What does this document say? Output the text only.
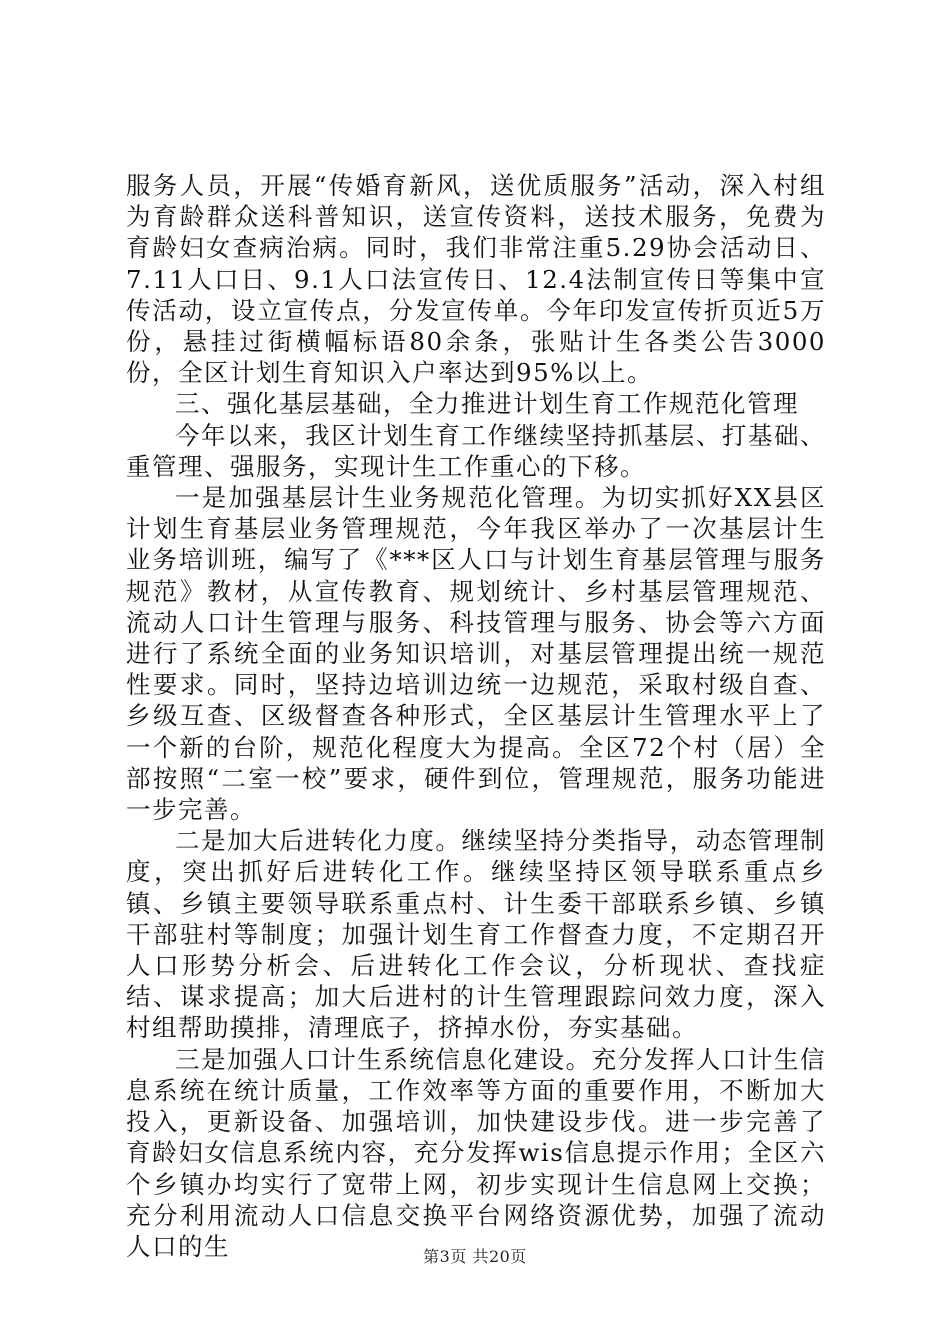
服务人员，开展“传婚育新风，送优质服务”活动，深入村组为育龄群众送科普知识，送宣传资料，送技术服务，免费为育龄妇女查病治病。同时，我们非常注重5.29协会活动日、7.11人口日、9.1人口法宣传日、12.4法制宣传日等集中宣传活动，设立宣传点，分发宣传单。今年印发宣传折页近5万份，悬挂过街横幅标语80余条，张贴计生各类公告3000份，全区计划生育知识入户率达到95%以上。

三、强化基层基础，全力推进计划生育工作规范化管理

今年以来，我区计划生育工作继续坚持抓基层、打基础、重管理、强服务，实现计生工作重心的下移。

一是加强基层计生业务规范化管理。为切实抓好XX县区计划生育基层业务管理规范，今年我区举办了一次基层计生业务培训班，编写了《***区人口与计划生育基层管理与服务规范》教材，从宣传教育、规划统计、乡村基层管理规范、流动人口计生管理与服务、科技管理与服务、协会等六方面进行了系统全面的业务知识培训，对基层管理提出统一规范性要求。同时，坚持边培训边统一边规范，采取村级自查、乡级互查、区级督查各种形式，全区基层计生管理水平上了一个新的台阶，规范化程度大为提高。全区72个村（居）全部按照“二室一校”要求，硬件到位，管理规范，服务功能进一步完善。

二是加大后进转化力度。继续坚持分类指导，动态管理制度，突出抓好后进转化工作。继续坚持区领导联系重点乡镇、乡镇主要领导联系重点村、计生委干部联系乡镇、乡镇干部驻村等制度；加强计划生育工作督查力度，不定期召开人口形势分析会、后进转化工作会议，分析现状、查找症结、谋求提高；加大后进村的计生管理跟踪问效力度，深入村组帮助摸排，清理底子，挤掉水份，夯实基础。

三是加强人口计生系统信息化建设。充分发挥人口计生信息系统在统计质量，工作效率等方面的重要作用，不断加大投入，更新设备、加强培训，加快建设步伐。进一步完善了育龄妇女信息系统内容，充分发挥wis信息提示作用；全区六个乡镇办均实行了宽带上网，初步实现计生信息网上交换；充分利用流动人口信息交换平台网络资源优势，加强了流动人口的生	第3页 共20页
